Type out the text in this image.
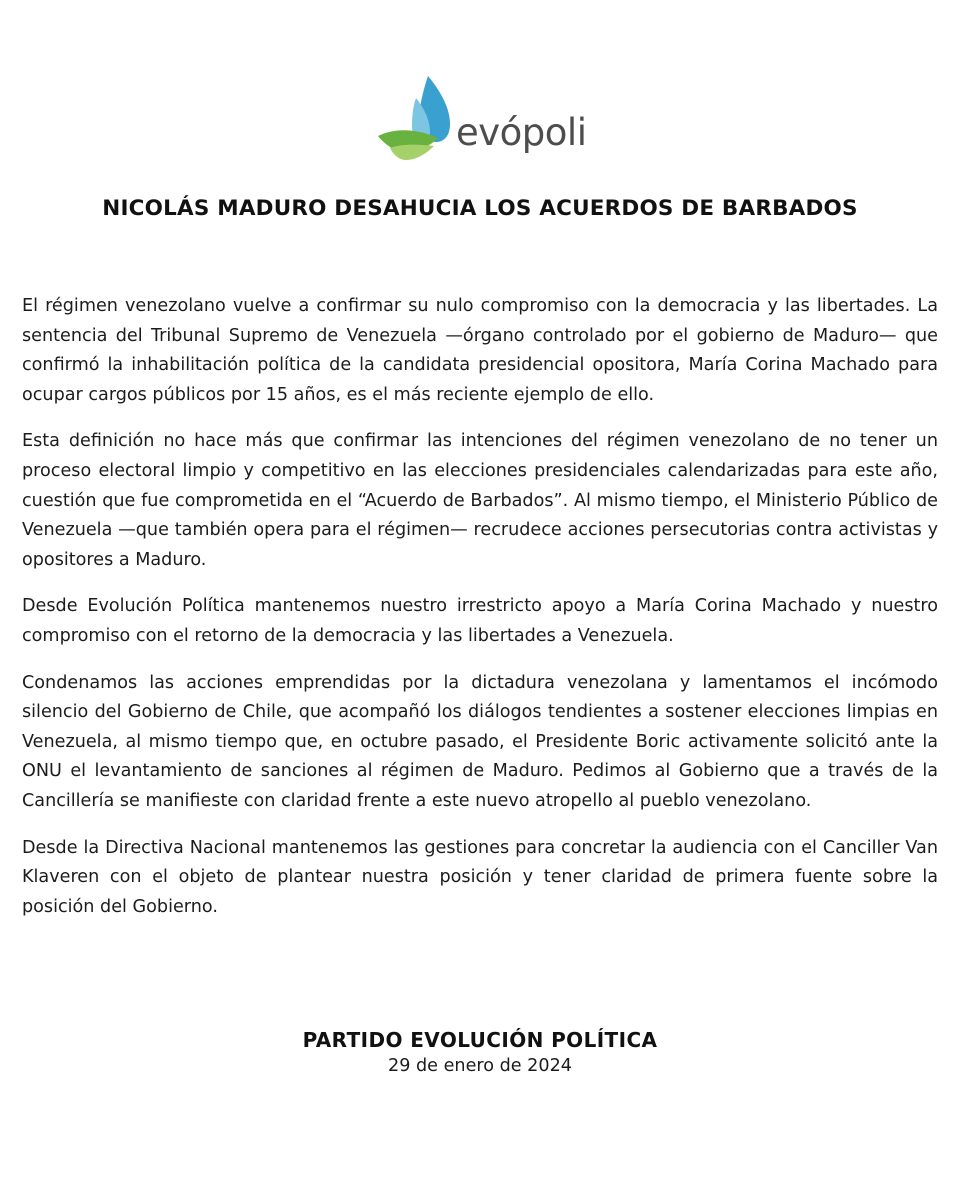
evópoli
NICOLÁS MADURO DESAHUCIA LOS ACUERDOS DE BARBADOS

El régimen venezolano vuelve a confirmar su nulo compromiso con la democracia y las libertades. La sentencia del Tribunal Supremo de Venezuela —órgano controlado por el gobierno de Maduro— que confirmó la inhabilitación política de la candidata presidencial opositora, María Corina Machado para ocupar cargos públicos por 15 años, es el más reciente ejemplo de ello.

Esta definición no hace más que confirmar las intenciones del régimen venezolano de no tener un proceso electoral limpio y competitivo en las elecciones presidenciales calendarizadas para este año, cuestión que fue comprometida en el “Acuerdo de Barbados”. Al mismo tiempo, el Ministerio Público de Venezuela —que también opera para el régimen— recrudece acciones persecutorias contra activistas y opositores a Maduro.

Desde Evolución Política mantenemos nuestro irrestricto apoyo a María Corina Machado y nuestro compromiso con el retorno de la democracia y las libertades a Venezuela.

Condenamos las acciones emprendidas por la dictadura venezolana y lamentamos el incómodo silencio del Gobierno de Chile, que acompañó los diálogos tendientes a sostener elecciones limpias en Venezuela, al mismo tiempo que, en octubre pasado, el Presidente Boric activamente solicitó ante la ONU el levantamiento de sanciones al régimen de Maduro. Pedimos al Gobierno que a través de la Cancillería se manifieste con claridad frente a este nuevo atropello al pueblo venezolano.

Desde la Directiva Nacional mantenemos las gestiones para concretar la audiencia con el Canciller Van Klaveren con el objeto de plantear nuestra posición y tener claridad de primera fuente sobre la posición del Gobierno.

PARTIDO EVOLUCIÓN POLÍTICA
29 de enero de 2024
